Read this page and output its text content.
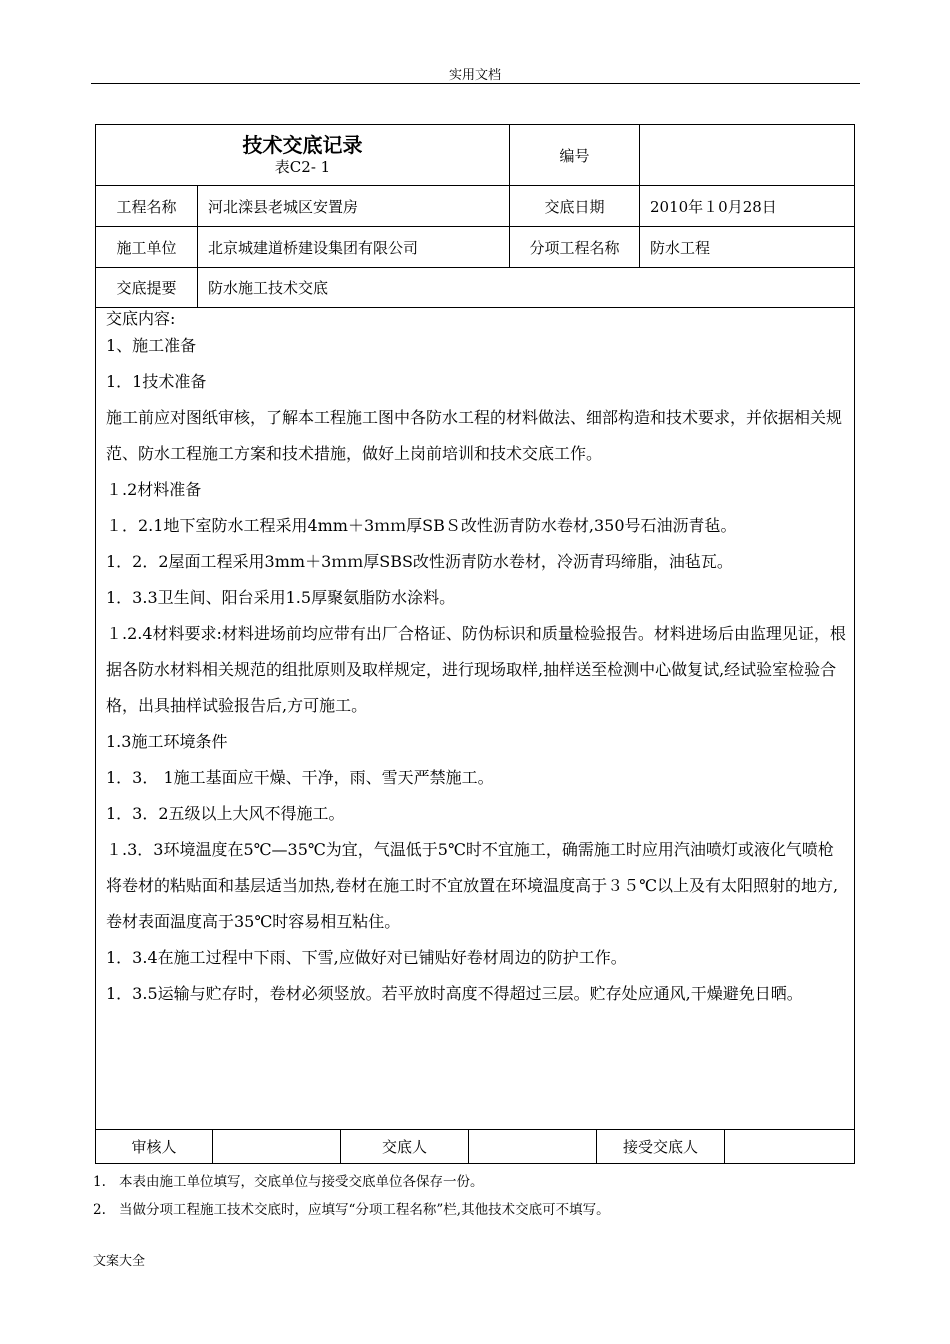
实用文档
技术交底记录
表C2- 1
编号
工程名称	河北滦县老城区安置房	交底日期	2010年１0月28日
施工单位	北京城建道桥建设集团有限公司	分项工程名称	防水工程
交底提要	防水施工技术交底
交底内容:

1、施工准备

1．1技术准备

施工前应对图纸审核，了解本工程施工图中各防水工程的材料做法、细部构造和技术要求，并依据相关规范、防水工程施工方案和技术措施，做好上岗前培训和技术交底工作。

１.2材料准备

１．2.1地下室防水工程采用4mm＋3ｍｍ厚SBＳ改性沥青防水卷材,350号石油沥青毡。

1．2．2屋面工程采用3mm＋3ｍｍ厚SBS改性沥青防水卷材，冷沥青玛缔脂，油毡瓦。

1．3.3卫生间、阳台采用1.5厚聚氨脂防水涂料。

１.2.4材料要求:材料进场前均应带有出厂合格证、防伪标识和质量检验报告。材料进场后由监理见证，根据各防水材料相关规范的组批原则及取样规定，进行现场取样,抽样送至检测中心做复试,经试验室检验合格，出具抽样试验报告后,方可施工。

1.3施工环境条件

1．3． 1施工基面应干燥、干净，雨、雪天严禁施工。

1．3．2五级以上大风不得施工。

１.3．3环境温度在5℃—35℃为宜，气温低于5℃时不宜施工，确需施工时应用汽油喷灯或液化气喷枪将卷材的粘贴面和基层适当加热,卷材在施工时不宜放置在环境温度高于３５℃以上及有太阳照射的地方,卷材表面温度高于35℃时容易相互粘住。

1．3.4在施工过程中下雨、下雪,应做好对已铺贴好卷材周边的防护工作。

1．3.5运输与贮存时，卷材必须竖放。若平放时高度不得超过三层。贮存处应通风,干燥避免日晒。

审核人	交底人	接受交底人
1. 本表由施工单位填写，交底单位与接受交底单位各保存一份。
2. 当做分项工程施工技术交底时，应填写“分项工程名称”栏,其他技术交底可不填写。
文案大全
